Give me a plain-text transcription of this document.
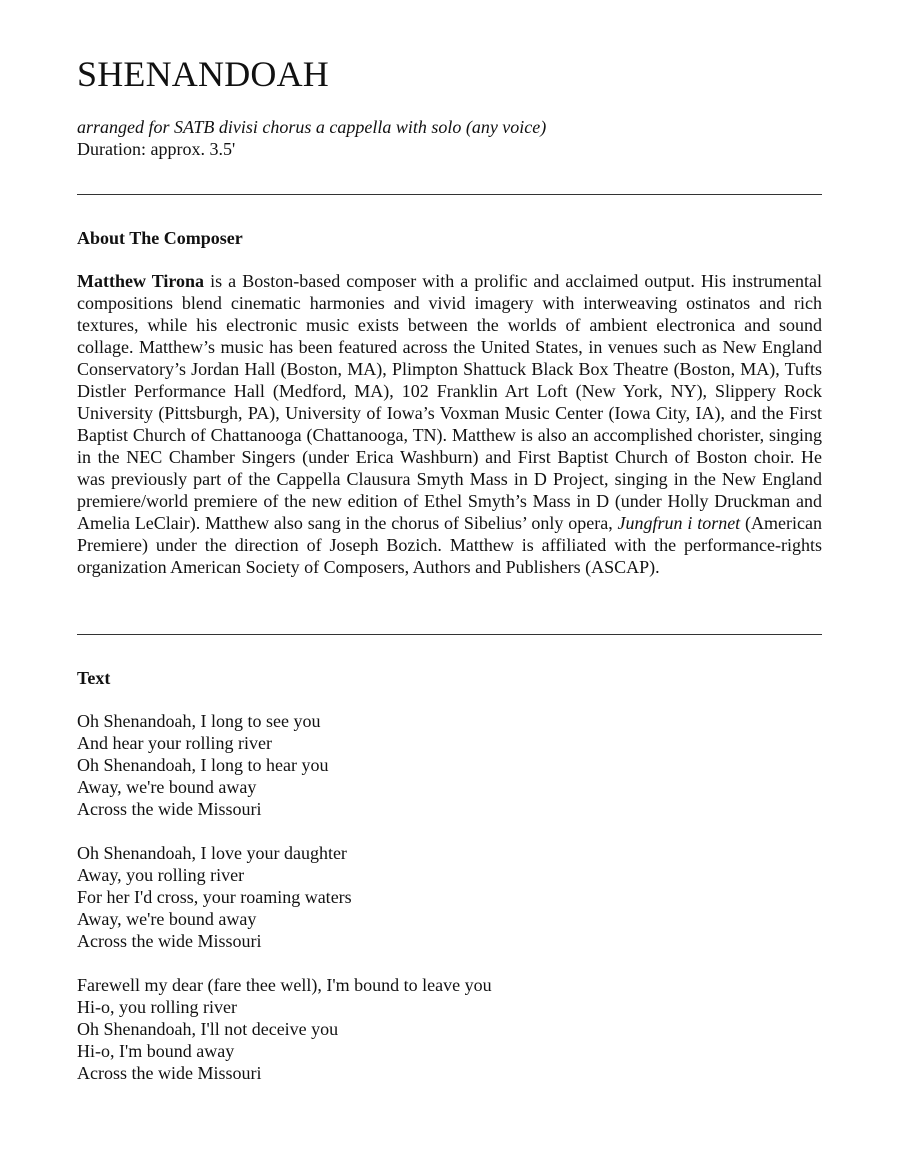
SHENANDOAH
arranged for SATB divisi chorus a cappella with solo (any voice)
Duration: approx. 3.5'
About The Composer

Matthew Tirona is a Boston-based composer with a prolific and acclaimed output. His instrumental compositions blend cinematic harmonies and vivid imagery with interweaving ostinatos and rich textures, while his electronic music exists between the worlds of ambient electronica and sound collage. Matthew’s music has been featured across the United States, in venues such as New England Conservatory’s Jordan Hall (Boston, MA), Plimpton Shattuck Black Box Theatre (Boston, MA), Tufts Distler Performance Hall (Medford, MA), 102 Franklin Art Loft (New York, NY), Slippery Rock University (Pittsburgh, PA), University of Iowa’s Voxman Music Center (Iowa City, IA), and the First Baptist Church of Chattanooga (Chattanooga, TN). Matthew is also an accomplished chorister, singing in the NEC Chamber Singers (under Erica Washburn) and First Baptist Church of Boston choir. He was previously part of the Cappella Clausura Smyth Mass in D Project, singing in the New England premiere/world premiere of the new edition of Ethel Smyth’s Mass in D (under Holly Druckman and Amelia LeClair). Matthew also sang in the chorus of Sibelius’ only opera, Jungfrun i tornet (American Premiere) under the direction of Joseph Bozich. Matthew is affiliated with the performance-rights organization American Society of Composers, Authors and Publishers (ASCAP).

Text
Oh Shenandoah, I long to see you
And hear your rolling river
Oh Shenandoah, I long to hear you
Away, we're bound away
Across the wide Missouri
Oh Shenandoah, I love your daughter
Away, you rolling river
For her I'd cross, your roaming waters
Away, we're bound away
Across the wide Missouri
Farewell my dear (fare thee well), I'm bound to leave you
Hi-o, you rolling river
Oh Shenandoah, I'll not deceive you
Hi-o, I'm bound away
Across the wide Missouri
